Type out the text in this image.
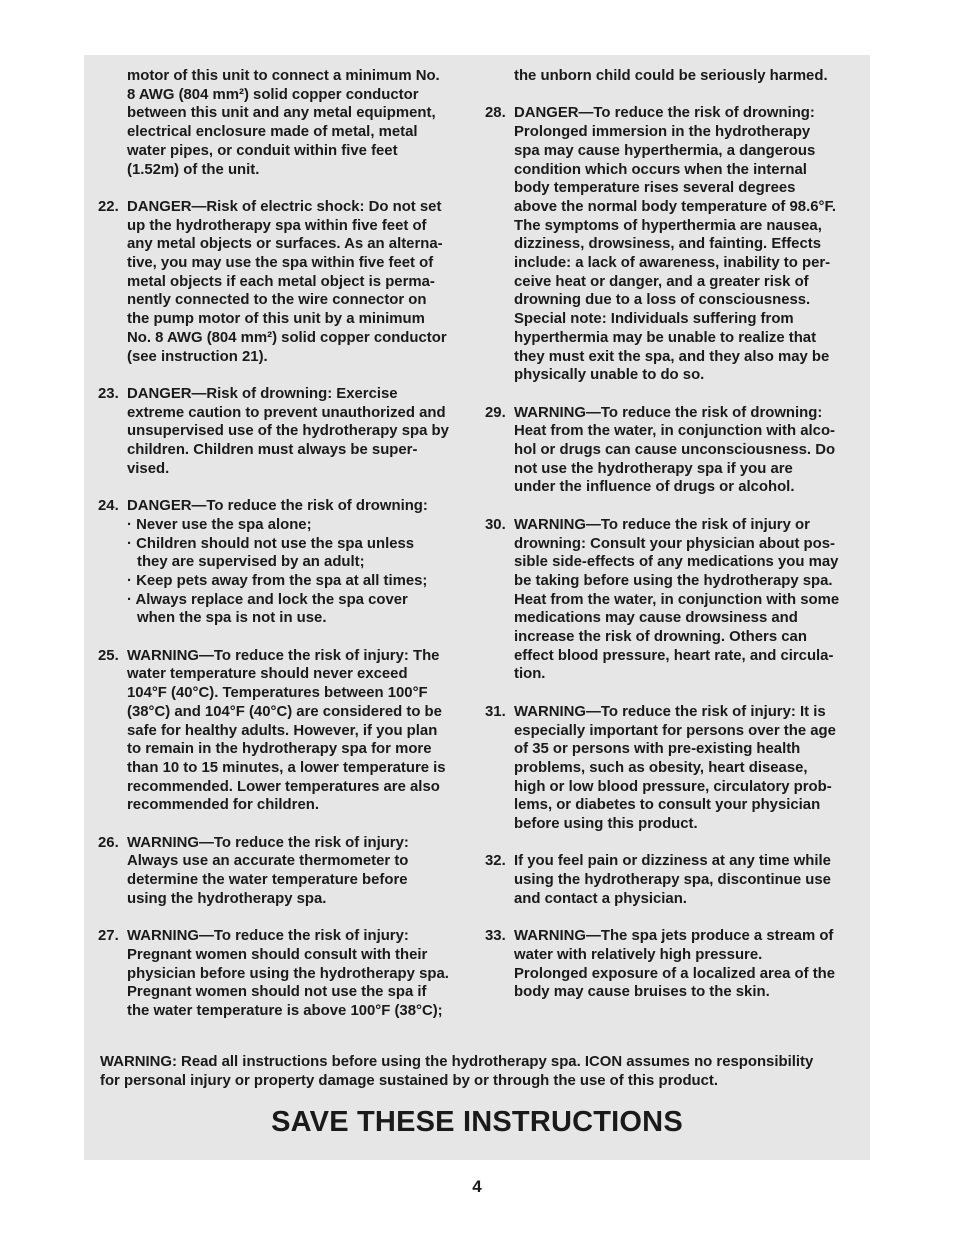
motor of this unit to connect a minimum No.
8 AWG (804 mm²) solid copper conductor
between this unit and any metal equipment,
electrical enclosure made of metal, metal
water pipes, or conduit within five feet
(1.52m) of the unit.
22. DANGER—Risk of electric shock: Do not set
up the hydrotherapy spa within five feet of
any metal objects or surfaces. As an alterna-
tive, you may use the spa within five feet of
metal objects if each metal object is perma-
nently connected to the wire connector on
the pump motor of this unit by a minimum
No. 8 AWG (804 mm²) solid copper conductor
(see instruction 21).
23. DANGER—Risk of drowning: Exercise
extreme caution to prevent unauthorized and
unsupervised use of the hydrotherapy spa by
children. Children must always be super-
vised.
24. DANGER—To reduce the risk of drowning:
· Never use the spa alone;
· Children should not use the spa unless
they are supervised by an adult;
· Keep pets away from the spa at all times;
· Always replace and lock the spa cover
when the spa is not in use.
25. WARNING—To reduce the risk of injury: The
water temperature should never exceed
104°F (40°C). Temperatures between 100°F
(38°C) and 104°F (40°C) are considered to be
safe for healthy adults. However, if you plan
to remain in the hydrotherapy spa for more
than 10 to 15 minutes, a lower temperature is
recommended. Lower temperatures are also
recommended for children.
26. WARNING—To reduce the risk of injury:
Always use an accurate thermometer to
determine the water temperature before
using the hydrotherapy spa.
27. WARNING—To reduce the risk of injury:
Pregnant women should consult with their
physician before using the hydrotherapy spa.
Pregnant women should not use the spa if
the water temperature is above 100°F (38°C);
the unborn child could be seriously harmed.
28. DANGER—To reduce the risk of drowning:
Prolonged immersion in the hydrotherapy
spa may cause hyperthermia, a dangerous
condition which occurs when the internal
body temperature rises several degrees
above the normal body temperature of 98.6°F.
The symptoms of hyperthermia are nausea,
dizziness, drowsiness, and fainting. Effects
include: a lack of awareness, inability to per-
ceive heat or danger, and a greater risk of
drowning due to a loss of consciousness.
Special note: Individuals suffering from
hyperthermia may be unable to realize that
they must exit the spa, and they also may be
physically unable to do so.
29. WARNING—To reduce the risk of drowning:
Heat from the water, in conjunction with alco-
hol or drugs can cause unconsciousness. Do
not use the hydrotherapy spa if you are
under the influence of drugs or alcohol.
30. WARNING—To reduce the risk of injury or
drowning: Consult your physician about pos-
sible side-effects of any medications you may
be taking before using the hydrotherapy spa.
Heat from the water, in conjunction with some
medications may cause drowsiness and
increase the risk of drowning. Others can
effect blood pressure, heart rate, and circula-
tion.
31. WARNING—To reduce the risk of injury: It is
especially important for persons over the age
of 35 or persons with pre-existing health
problems, such as obesity, heart disease,
high or low blood pressure, circulatory prob-
lems, or diabetes to consult your physician
before using this product.
32. If you feel pain or dizziness at any time while
using the hydrotherapy spa, discontinue use
and contact a physician.
33. WARNING—The spa jets produce a stream of
water with relatively high pressure.
Prolonged exposure of a localized area of the
body may cause bruises to the skin.
WARNING: Read all instructions before using the hydrotherapy spa. ICON assumes no responsibility
for personal injury or property damage sustained by or through the use of this product.
SAVE THESE INSTRUCTIONS
4
